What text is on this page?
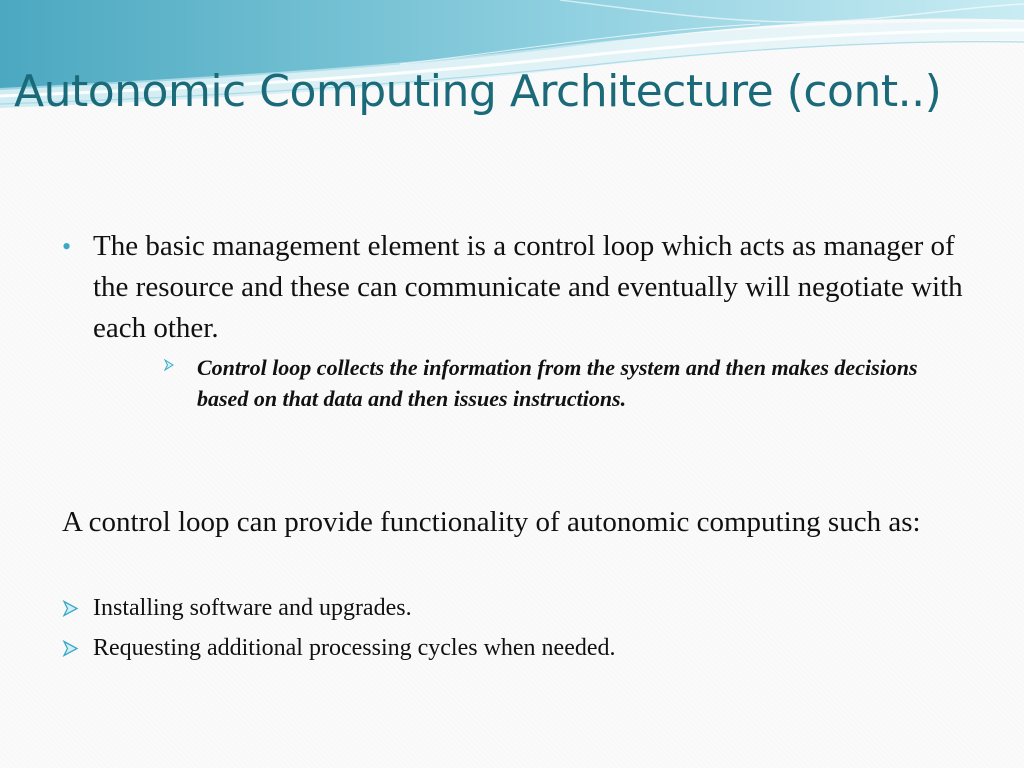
Autonomic Computing Architecture (cont..)
• The basic management element is a control loop which acts as manager of the resource and these can communicate and eventually will negotiate with each other.
Control loop collects the information from the system and then makes decisions based on that data and then issues instructions.

A control loop can provide functionality of autonomic computing such as:

Installing software and upgrades.
Requesting additional processing cycles when needed.
